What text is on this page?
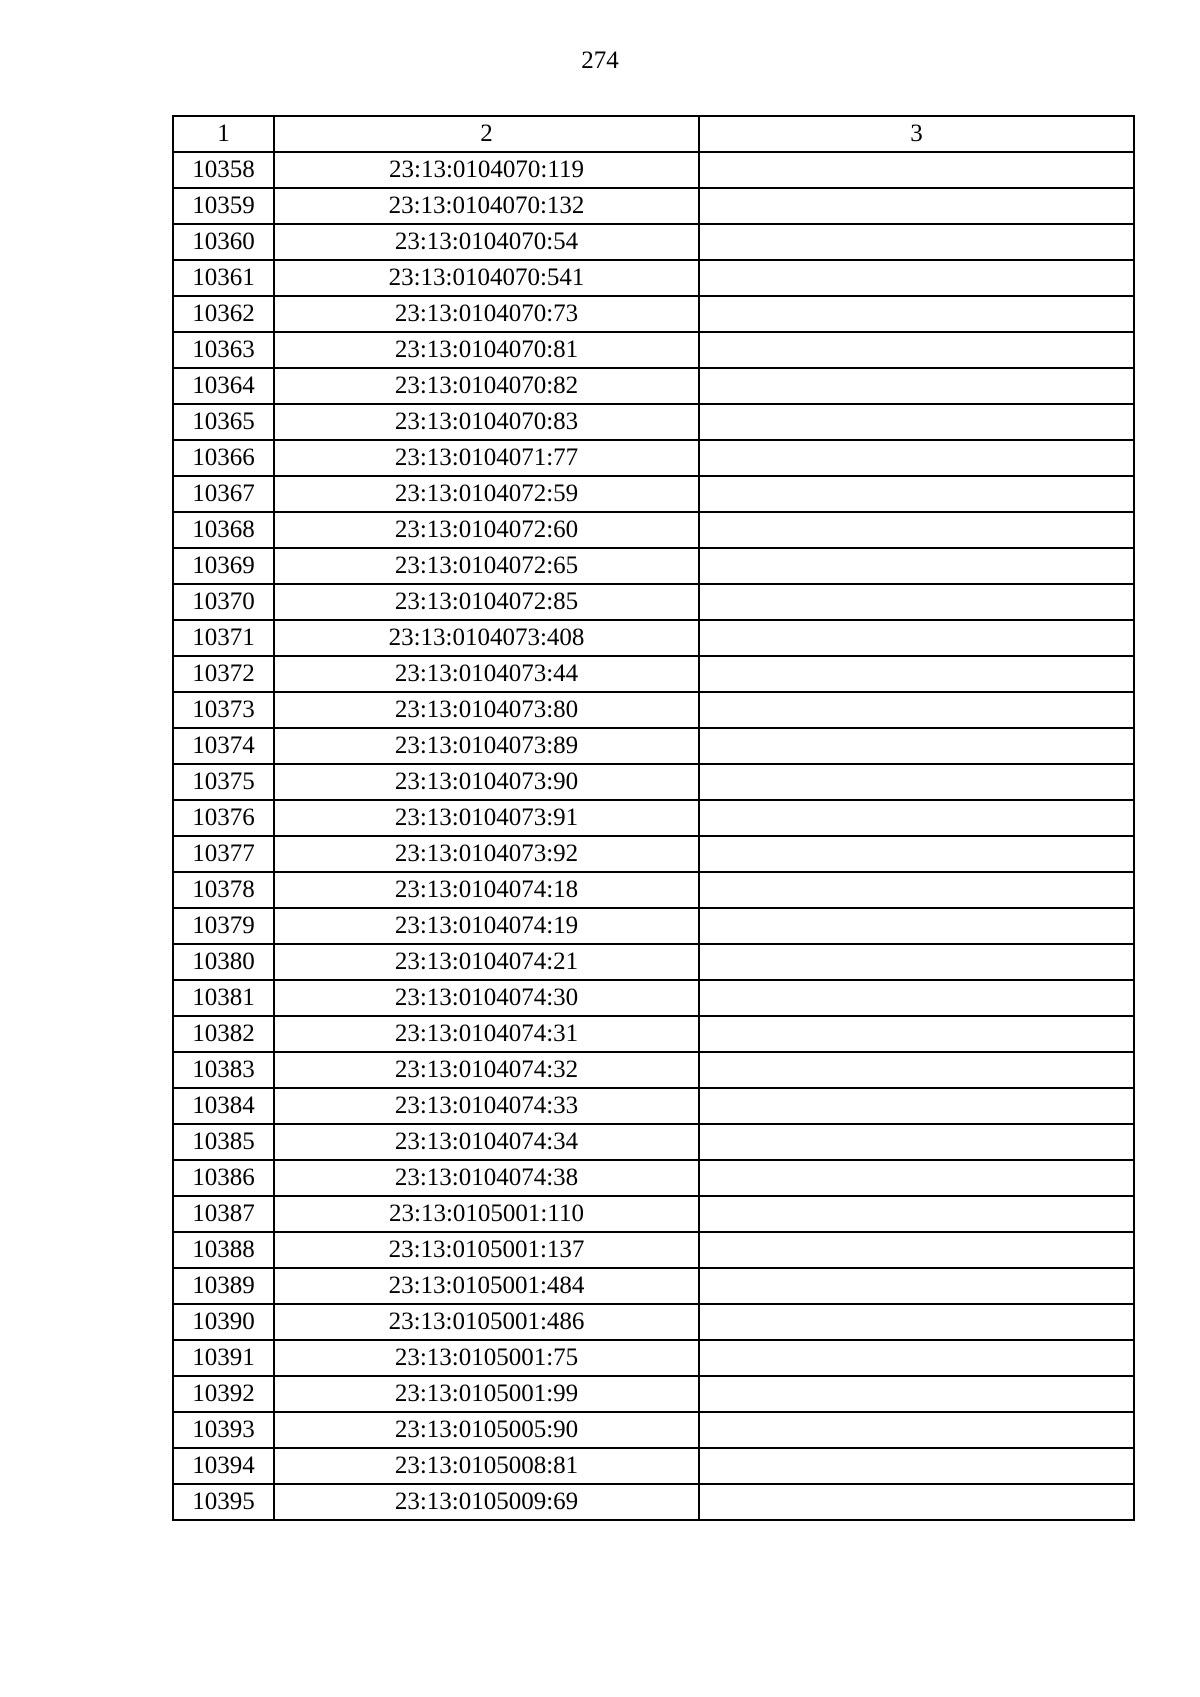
274
1	2	3
10358	23:13:0104070:119	
10359	23:13:0104070:132	
10360	23:13:0104070:54	
10361	23:13:0104070:541	
10362	23:13:0104070:73	
10363	23:13:0104070:81	
10364	23:13:0104070:82	
10365	23:13:0104070:83	
10366	23:13:0104071:77	
10367	23:13:0104072:59	
10368	23:13:0104072:60	
10369	23:13:0104072:65	
10370	23:13:0104072:85	
10371	23:13:0104073:408	
10372	23:13:0104073:44	
10373	23:13:0104073:80	
10374	23:13:0104073:89	
10375	23:13:0104073:90	
10376	23:13:0104073:91	
10377	23:13:0104073:92	
10378	23:13:0104074:18	
10379	23:13:0104074:19	
10380	23:13:0104074:21	
10381	23:13:0104074:30	
10382	23:13:0104074:31	
10383	23:13:0104074:32	
10384	23:13:0104074:33	
10385	23:13:0104074:34	
10386	23:13:0104074:38	
10387	23:13:0105001:110	
10388	23:13:0105001:137	
10389	23:13:0105001:484	
10390	23:13:0105001:486	
10391	23:13:0105001:75	
10392	23:13:0105001:99	
10393	23:13:0105005:90	
10394	23:13:0105008:81	
10395	23:13:0105009:69	
